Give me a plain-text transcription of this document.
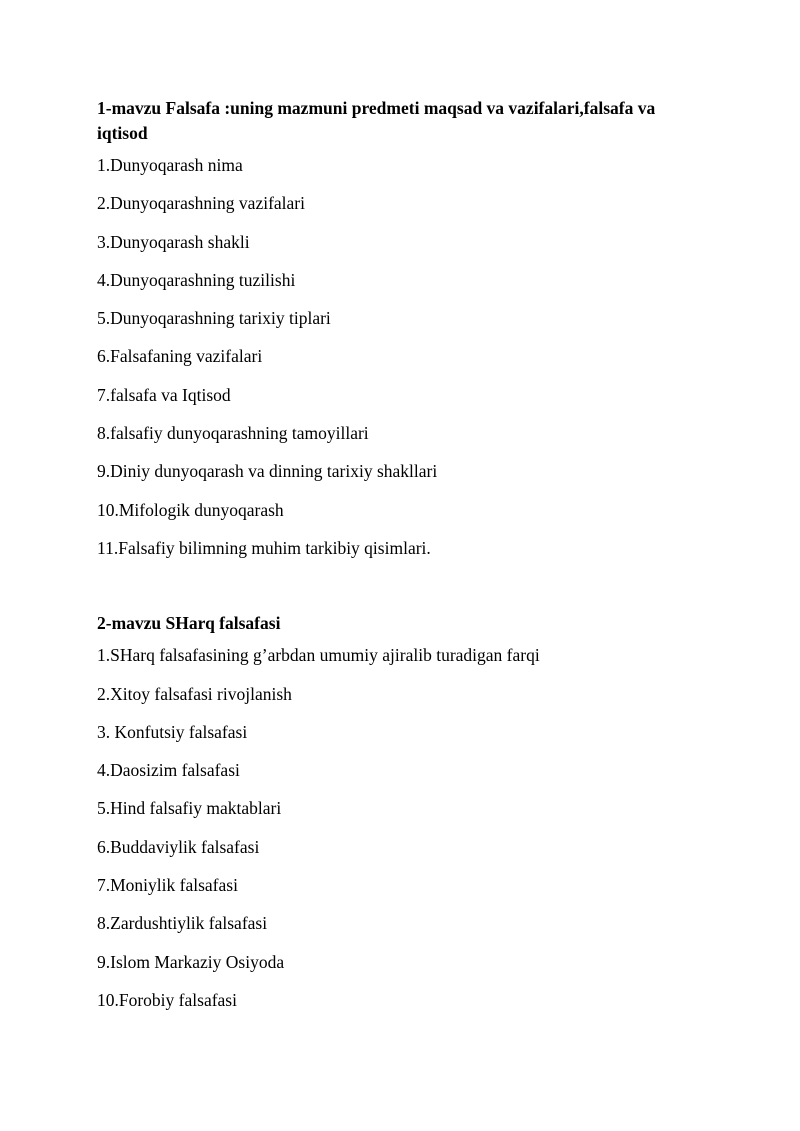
1-mavzu Falsafa :uning mazmuni predmeti maqsad va vazifalari,falsafa va iqtisod
1.Dunyoqarash nima
2.Dunyoqarashning vazifalari
3.Dunyoqarash shakli
4.Dunyoqarashning tuzilishi
5.Dunyoqarashning tarixiy tiplari
6.Falsafaning vazifalari
7.falsafa va Iqtisod
8.falsafiy dunyoqarashning tamoyillari
9.Diniy dunyoqarash va dinning tarixiy shakllari
10.Mifologik dunyoqarash
11.Falsafiy bilimning muhim tarkibiy qisimlari.
2-mavzu SHarq falsafasi
1.SHarq falsafasining g’arbdan umumiy ajiralib turadigan farqi
2.Xitoy falsafasi rivojlanish
3. Konfutsiy falsafasi
4.Daosizim falsafasi
5.Hind falsafiy maktablari
6.Buddaviylik falsafasi
7.Moniylik falsafasi
8.Zardushtiylik falsafasi
9.Islom Markaziy Osiyoda
10.Forobiy falsafasi
